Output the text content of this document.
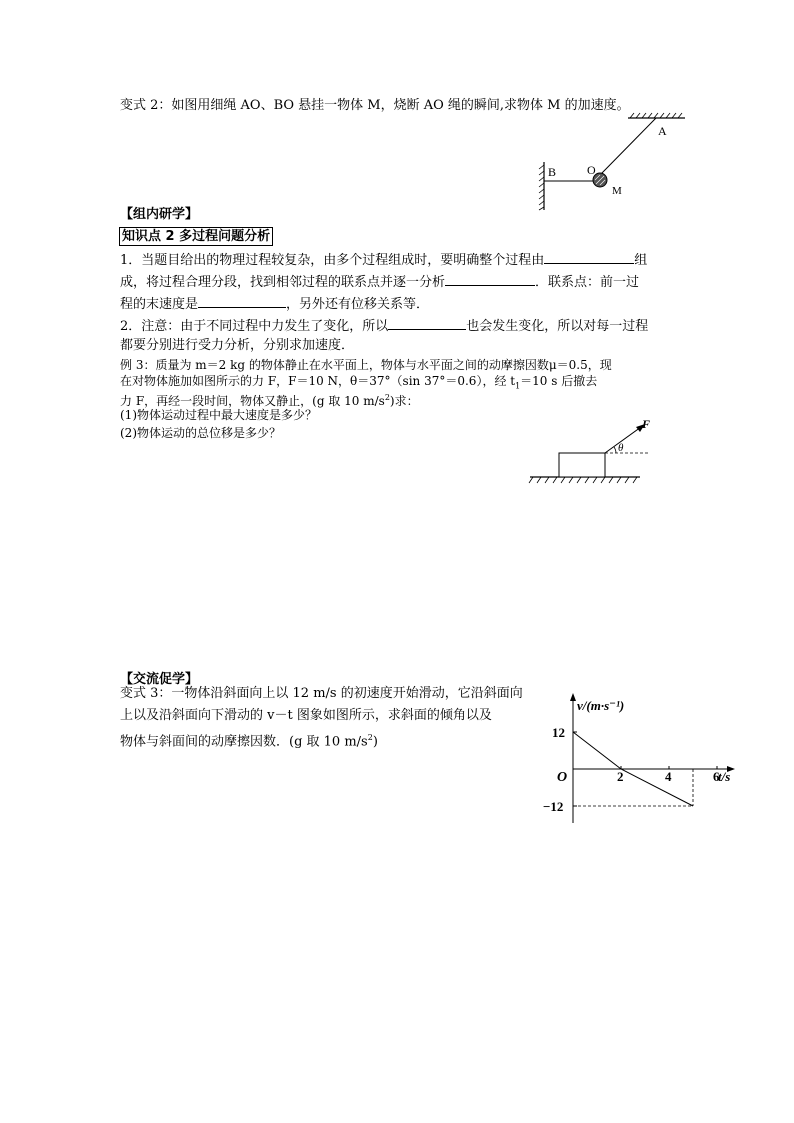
变式 2：如图用细绳 AO、BO 悬挂一物体 M，烧断 AO 绳的瞬间,求物体 M 的加速度。
A
B	O
M
【组内研学】
知识点 2 多过程问题分析
1．当题目给出的物理过程较复杂，由多个过程组成时，要明确整个过程由	组
成，将过程合理分段，找到相邻过程的联系点并逐一分析	．联系点：前一过
程的末速度是	，另外还有位移关系等．
2．注意：由于不同过程中力发生了变化，所以	也会发生变化，所以对每一过程
都要分别进行受力分析，分别求加速度．
例 3：质量为 m＝2 kg 的物体静止在水平面上，物体与水平面之间的动摩擦因数μ＝0.5，现
在对物体施加如图所示的力 F，F＝10 N，θ＝37°（sin 37°＝0.6），经 $t_1=10$ s 后撤去
力 F，再经一段时间，物体又静止，(g 取 10 $m/s^2$)求：
(1)物体运动过程中最大速度是多少？
(2)物体运动的总位移是多少？
F
θ
【交流促学】
变式 3：一物体沿斜面向上以 12 m/s 的初速度开始滑动，它沿斜面向
上以及沿斜面向下滑动的 v－t 图象如图所示，求斜面的倾角以及
物体与斜面间的动摩擦因数．(g 取 10 $m/s^2$)
v/(m·s⁻¹)
t/s
O	2	4	6
12
−12
